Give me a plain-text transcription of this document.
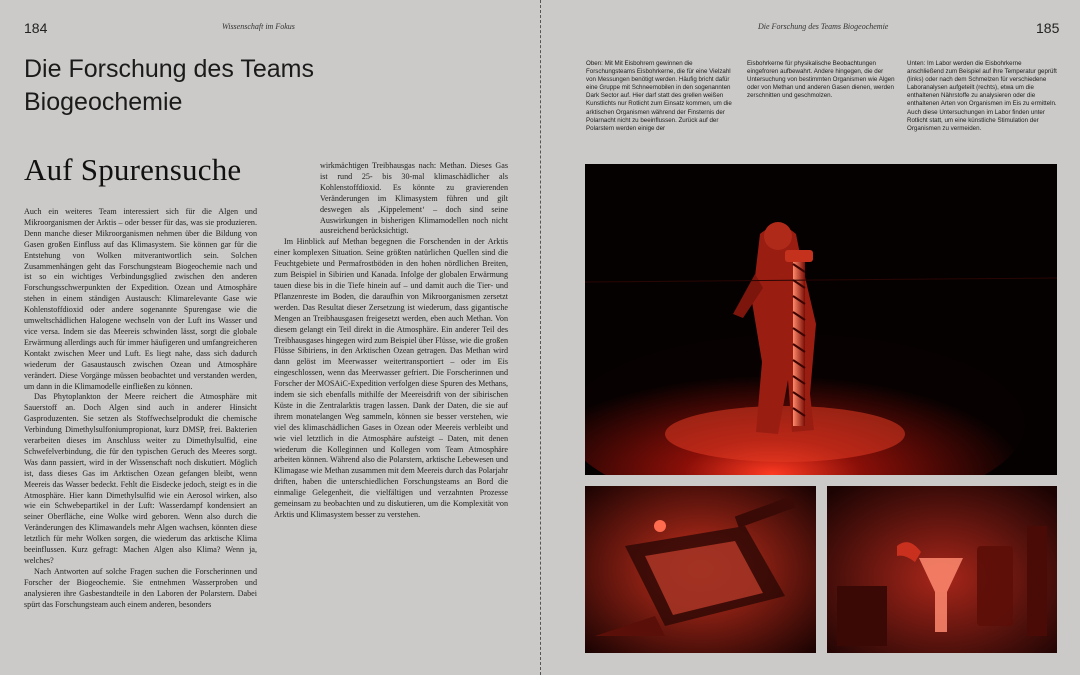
184	Wissenschaft im Fokus
Die Forschung des Teams Biogeochemie
Auf Spurensuche

Auch ein weiteres Team interessiert sich für die Algen und Mikroorganismen der Arktis – oder besser für das, was sie produzieren. Denn manche dieser Mikroorganismen nehmen über die Bildung von Gasen großen Einfluss auf das Klimasystem. Sie können gar für die Entstehung von Wolken mitverantwortlich sein. Solchen Zusammenhängen geht das Forschungsteam Biogeochemie nach und ist so ein wichtiges Verbindungsglied zwischen den anderen Forschungsschwerpunkten der Expedition. Ozean und Atmosphäre stehen in einem ständigen Austausch: Klimarelevante Gase wie Kohlenstoffdioxid oder andere sogenannte Spurengase wie die umweltschädlichen Halogene wechseln von der Luft ins Wasser und vice versa. Indem sie das Meereis schwinden lässt, sorgt die globale Erwärmung allerdings auch für immer häufigeren und umfangreicheren Kontakt zwischen Meer und Luft. Es liegt nahe, dass sich dadurch wiederum der Gasaustausch zwischen Ozean und Atmosphäre verändert. Diese Vorgänge müssen beobachtet und verstanden werden, um dann in die Klimamodelle einfließen zu können.

Das Phytoplankton der Meere reichert die Atmosphäre mit Sauerstoff an. Doch Algen sind auch in anderer Hinsicht Gasproduzenten. Sie setzen als Stoffwechselprodukt die chemische Verbindung Dimethylsulfoniumpropionat, kurz DMSP, frei. Bakterien verarbeiten dieses im Anschluss weiter zu Dimethylsulfid, eine Schwefelverbindung, die für den typischen Geruch des Meeres sorgt. Was dann passiert, wird in der Wissenschaft noch diskutiert. Möglich ist, dass dieses Gas im Arktischen Ozean gefangen bleibt, wenn Meereis das Wasser bedeckt. Fehlt die Eisdecke jedoch, steigt es in die Atmosphäre. Hier kann Dimethylsulfid wie ein Aerosol wirken, also wie ein Schwebepartikel in der Luft: Wasserdampf kondensiert an seiner Oberfläche, eine Wolke wird geboren. Wenn also durch die Veränderungen des Klimawandels mehr Algen wachsen, könnten diese letztlich für mehr Wolken sorgen, die wiederum das arktische Klima beeinflussen. Kurz gefragt: Machen Algen also Klima? Wenn ja, welches?

Nach Antworten auf solche Fragen suchen die Forscherinnen und Forscher der Biogeochemie. Sie entnehmen Wasserproben und analysieren ihre Gasbestandteile in den Laboren der Polarstern. Dabei spürt das Forschungsteam auch einem anderen, besonders

wirkmächtigen Treibhausgas nach: Methan. Dieses Gas ist rund 25- bis 30-mal klimaschädlicher als Kohlenstoffdioxid. Es könnte zu gravierenden Veränderungen im Klimasystem führen und gilt deswegen als ‚Kippelement‘ – doch sind seine Auswirkungen in bisherigen Klimamodellen noch nicht ausreichend berücksichtigt.

Im Hinblick auf Methan begegnen die Forschenden in der Arktis einer komplexen Situation. Seine größten natürlichen Quellen sind die Feuchtgebiete und Permafrostböden in den hohen nördlichen Breiten, zum Beispiel in Sibirien und Kanada. Infolge der globalen Erwärmung tauen diese bis in die Tiefe hinein auf – und damit auch die Tier- und Pflanzenreste im Boden, die daraufhin von Mikroorganismen zersetzt werden. Das Resultat dieser Zersetzung ist wiederum, dass gigantische Mengen an Treibhausgasen freigesetzt werden, eben auch Methan. Von diesem gelangt ein Teil direkt in die Atmosphäre. Ein anderer Teil des Treibhausgases hingegen wird zum Beispiel über Flüsse, wie die großen Flüsse Sibiriens, in den Arktischen Ozean getragen. Das Methan wird dann gelöst im Meerwasser weitertransportiert – oder im Eis eingeschlossen, wenn das Meerwasser gefriert. Die Forscherinnen und Forscher der MOSAiC-Expedition verfolgen diese Spuren des Methans, indem sie sich ebenfalls mithilfe der Meereisdrift von der sibirischen Küste in die Zentralarktis tragen lassen. Dank der Daten, die sie auf ihrem monatelangen Weg sammeln, können sie besser verstehen, wie viel des klimaschädlichen Gases in Ozean oder Meereis verbleibt und wie viel letztlich in die Atmosphäre aufsteigt – Daten, mit denen wiederum die Kolleginnen und Kollegen vom Team Atmosphäre arbeiten können. Während also die Polarstern, arktische Lebewesen und Klimagase wie Methan zusammen mit dem Meereis durch das Polarjahr driften, haben die unterschiedlichen Forschungsteams an Bord die einmalige Gelegenheit, die vielfältigen und verzahnten Prozesse gemeinsam zu beobachten und zu diskutieren, um die Komplexität von Arktis und Klimasystem besser zu verstehen.

Die Forschung des Teams Biogeochemie	185

Oben: Mit Mit Eisbohrern gewinnen die Forschungsteams Eisbohrkerne, die für eine Vielzahl von Messungen benötigt werden. Häufig bricht dafür eine Gruppe mit Schneemobilen in den sogenannten Dark Sector auf. Hier darf statt des grellen weißen Kunstlichts nur Rotlicht zum Einsatz kommen, um die arktischen Organismen während der Finsternis der Polarnacht nicht zu beeinflussen. Zurück auf der Polarstern werden einige der

Eisbohrkerne für physikalische Beobachtungen eingefroren aufbewahrt. Andere hingegen, die der Untersuchung von bestimmten Organismen wie Algen oder von Methan und anderen Gasen dienen, werden zerschnitten und geschmolzen.

Unten: Im Labor werden die Eisbohrkerne anschließend zum Beispiel auf ihre Temperatur geprüft (links) oder nach dem Schmelzen für verschiedene Laboranalysen aufgeteilt (rechts), etwa um die enthaltenen Nährstoffe zu analysieren oder die enthaltenen Arten von Organismen im Eis zu ermitteln. Auch diese Untersuchungen im Labor finden unter Rotlicht statt, um eine künstliche Stimulation der Organismen zu vermeiden.
